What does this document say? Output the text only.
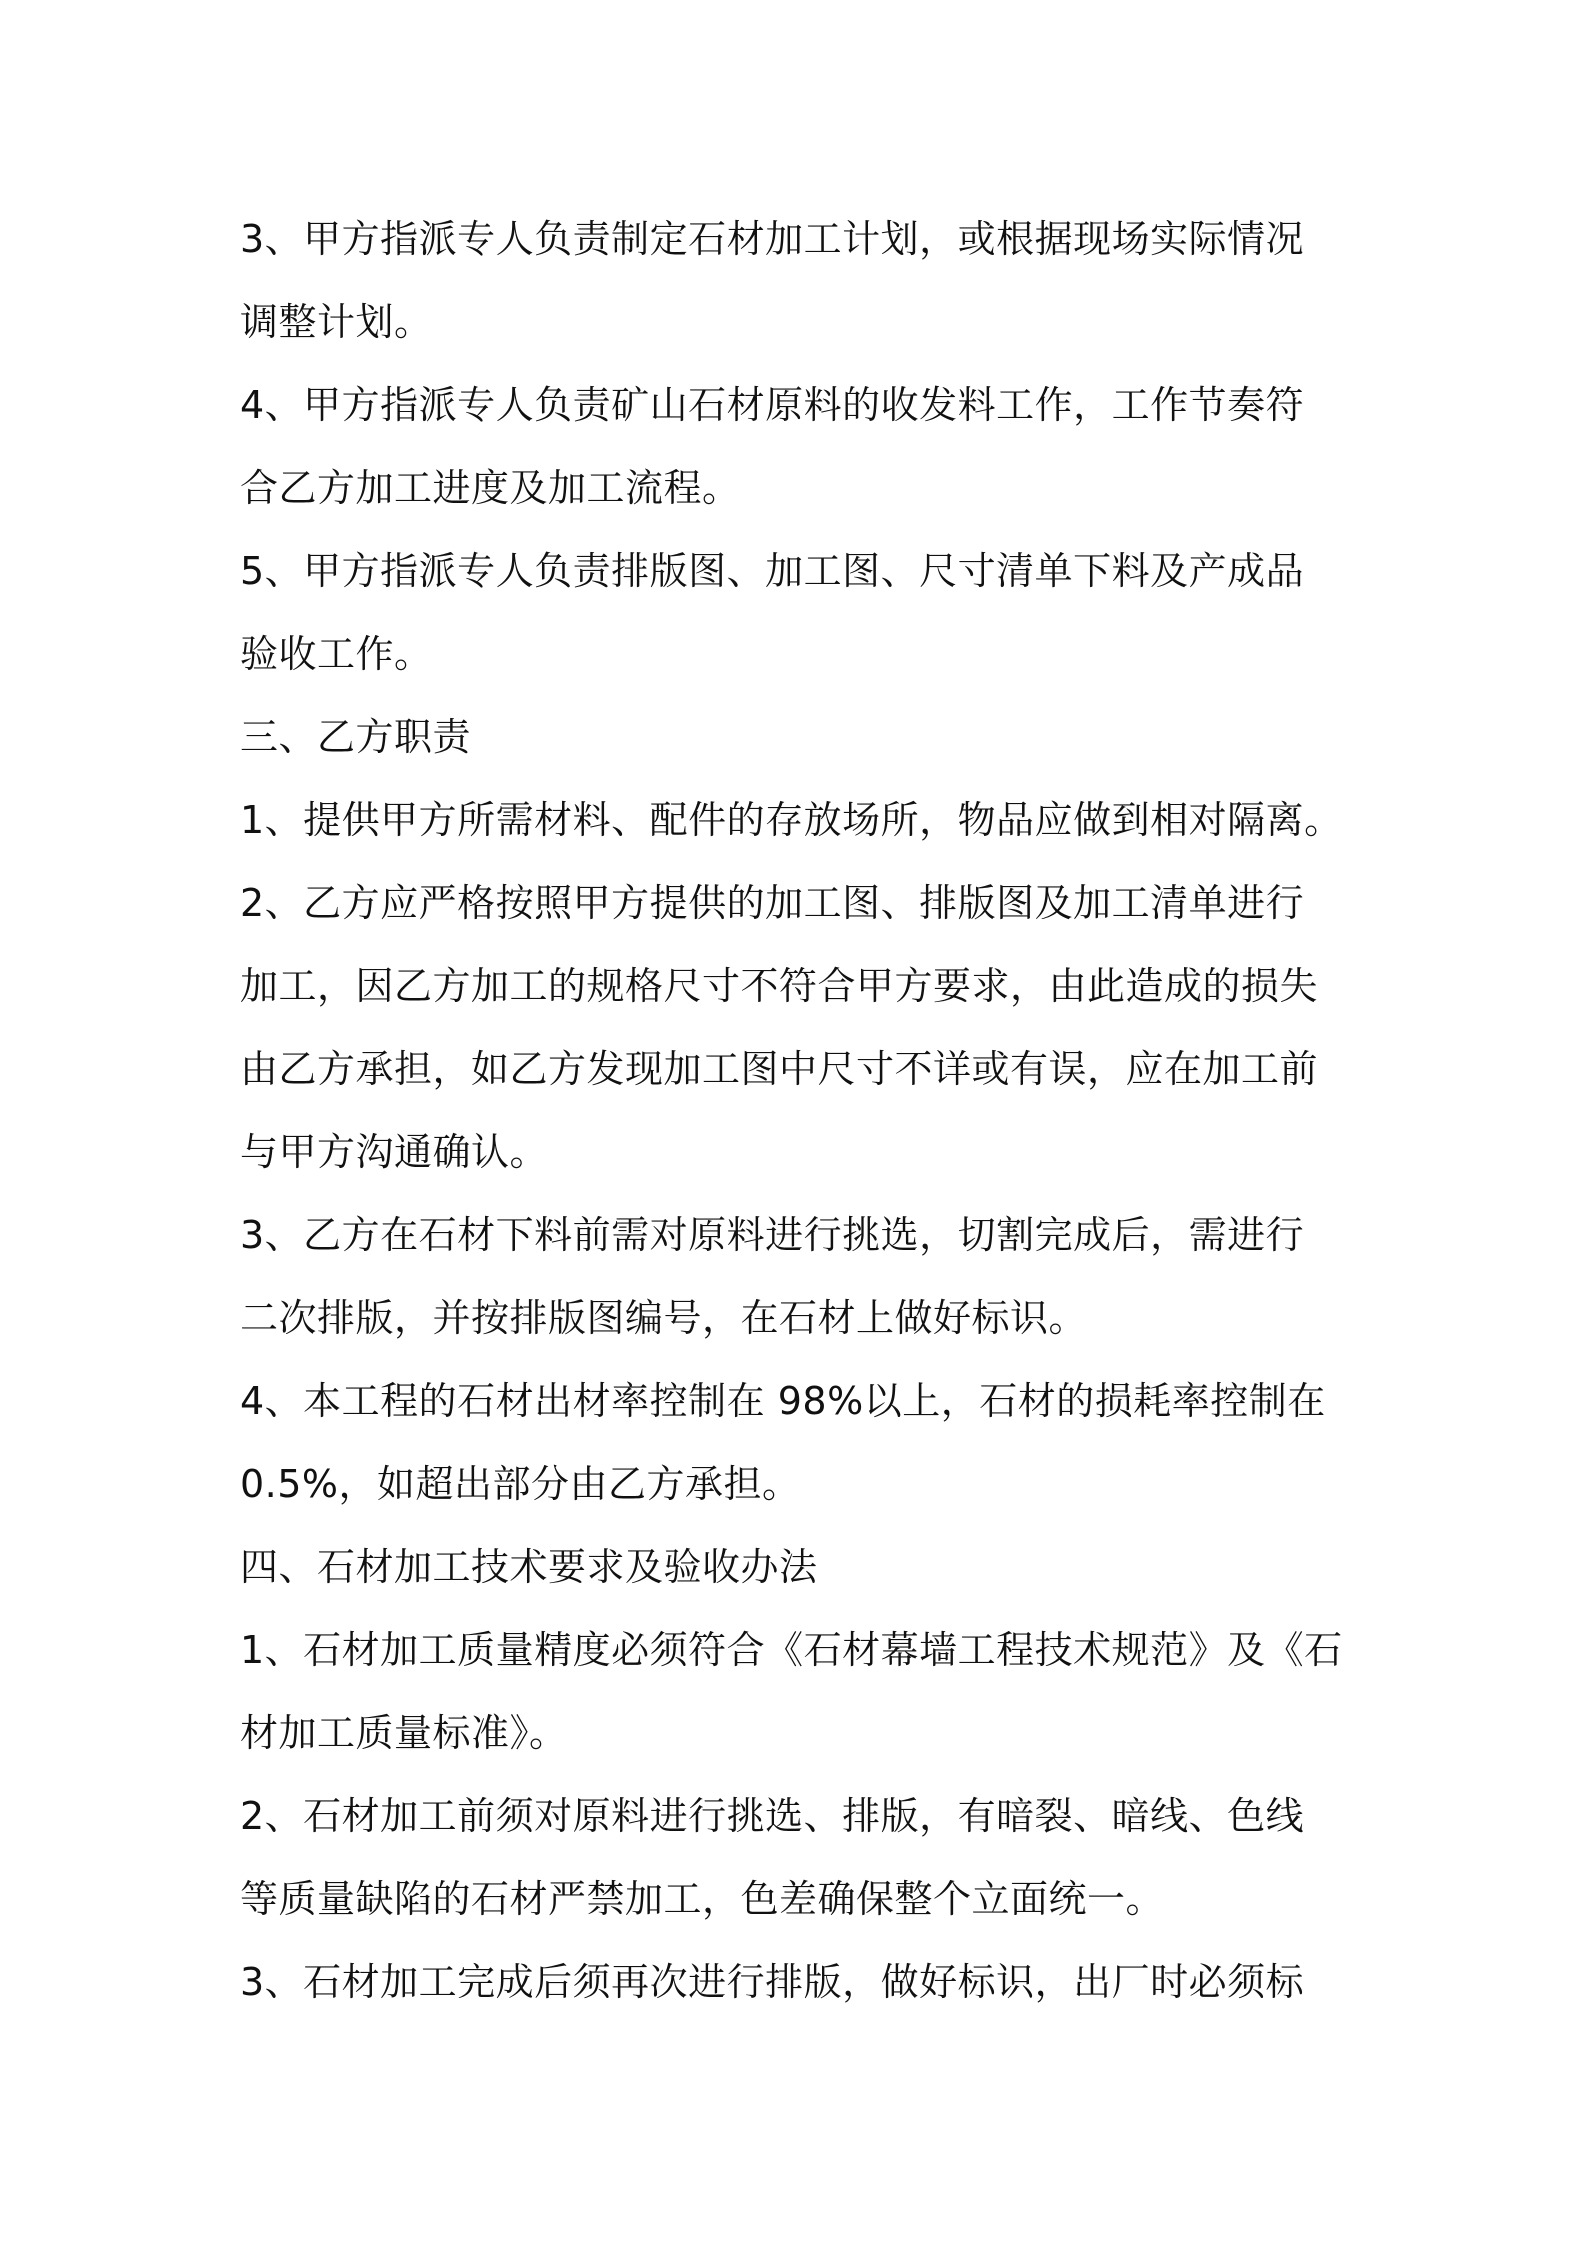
3、甲方指派专人负责制定石材加工计划，或根据现场实际情况
调整计划。
4、甲方指派专人负责矿山石材原料的收发料工作，工作节奏符
合乙方加工进度及加工流程。
5、甲方指派专人负责排版图、加工图、尺寸清单下料及产成品
验收工作。
三、乙方职责
1、提供甲方所需材料、配件的存放场所，物品应做到相对隔离。
2、乙方应严格按照甲方提供的加工图、排版图及加工清单进行
加工，因乙方加工的规格尺寸不符合甲方要求，由此造成的损失
由乙方承担，如乙方发现加工图中尺寸不详或有误，应在加工前
与甲方沟通确认。
3、乙方在石材下料前需对原料进行挑选，切割完成后，需进行
二次排版，并按排版图编号，在石材上做好标识。
4、本工程的石材出材率控制在 98%以上，石材的损耗率控制在
0.5%，如超出部分由乙方承担。
四、石材加工技术要求及验收办法
1、石材加工质量精度必须符合《石材幕墙工程技术规范》及《石
材加工质量标准》。
2、石材加工前须对原料进行挑选、排版，有暗裂、暗线、色线
等质量缺陷的石材严禁加工，色差确保整个立面统一。
3、石材加工完成后须再次进行排版，做好标识，出厂时必须标
